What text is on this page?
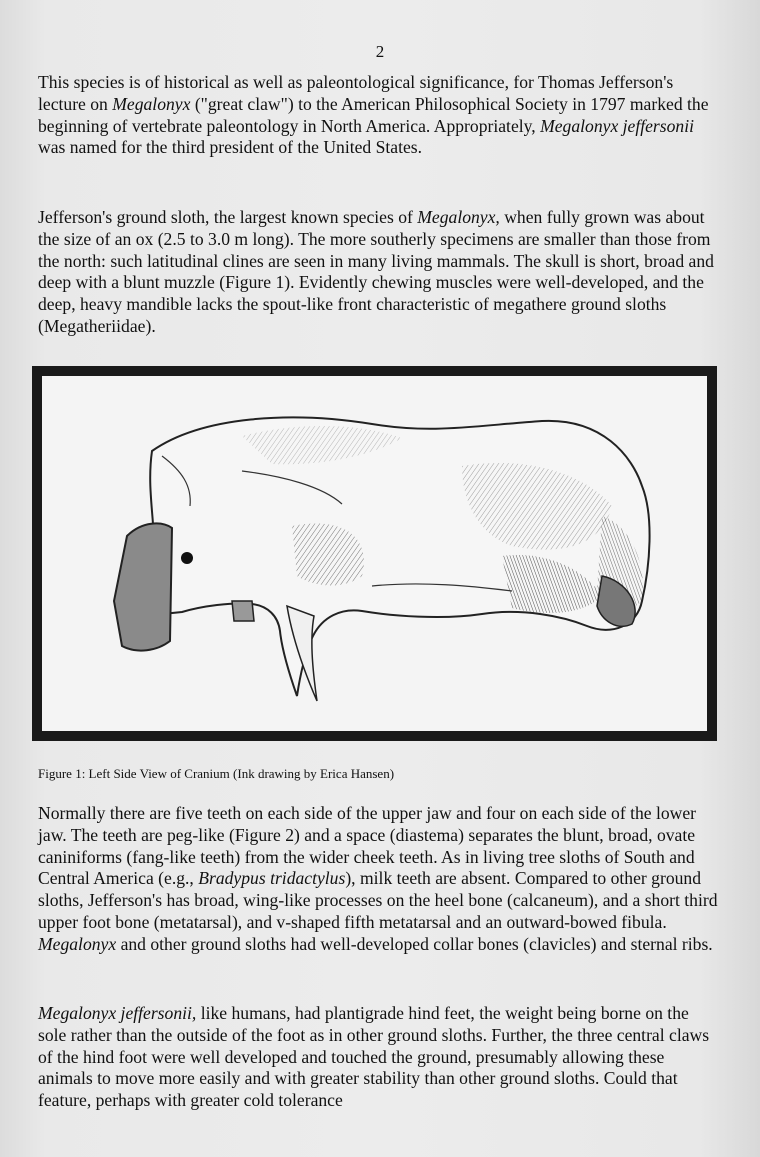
2

This species is of historical as well as paleontological significance, for Thomas Jefferson's lecture on Megalonyx ("great claw") to the American Philosophical Society in 1797 marked the beginning of vertebrate paleontology in North America. Appropriately, Megalonyx jeffersonii was named for the third president of the United States.

Jefferson's ground sloth, the largest known species of Megalonyx, when fully grown was about the size of an ox (2.5 to 3.0 m long). The more southerly specimens are smaller than those from the north: such latitudinal clines are seen in many living mammals. The skull is short, broad and deep with a blunt muzzle (Figure 1). Evidently chewing muscles were well-developed, and the deep, heavy mandible lacks the spout-like front characteristic of megathere ground sloths (Megatheriidae).

Figure 1: Left Side View of Cranium (Ink drawing by Erica Hansen)

Normally there are five teeth on each side of the upper jaw and four on each side of the lower jaw. The teeth are peg-like (Figure 2) and a space (diastema) separates the blunt, broad, ovate caniniforms (fang-like teeth) from the wider cheek teeth. As in living tree sloths of South and Central America (e.g., Bradypus tridactylus), milk teeth are absent. Compared to other ground sloths, Jefferson's has broad, wing-like processes on the heel bone (calcaneum), and a short third upper foot bone (metatarsal), and v-shaped fifth metatarsal and an outward-bowed fibula. Megalonyx and other ground sloths had well-developed collar bones (clavicles) and sternal ribs.

Megalonyx jeffersonii, like humans, had plantigrade hind feet, the weight being borne on the sole rather than the outside of the foot as in other ground sloths. Further, the three central claws of the hind foot were well developed and touched the ground, presumably allowing these animals to move more easily and with greater stability than other ground sloths. Could that feature, perhaps with greater cold tolerance
